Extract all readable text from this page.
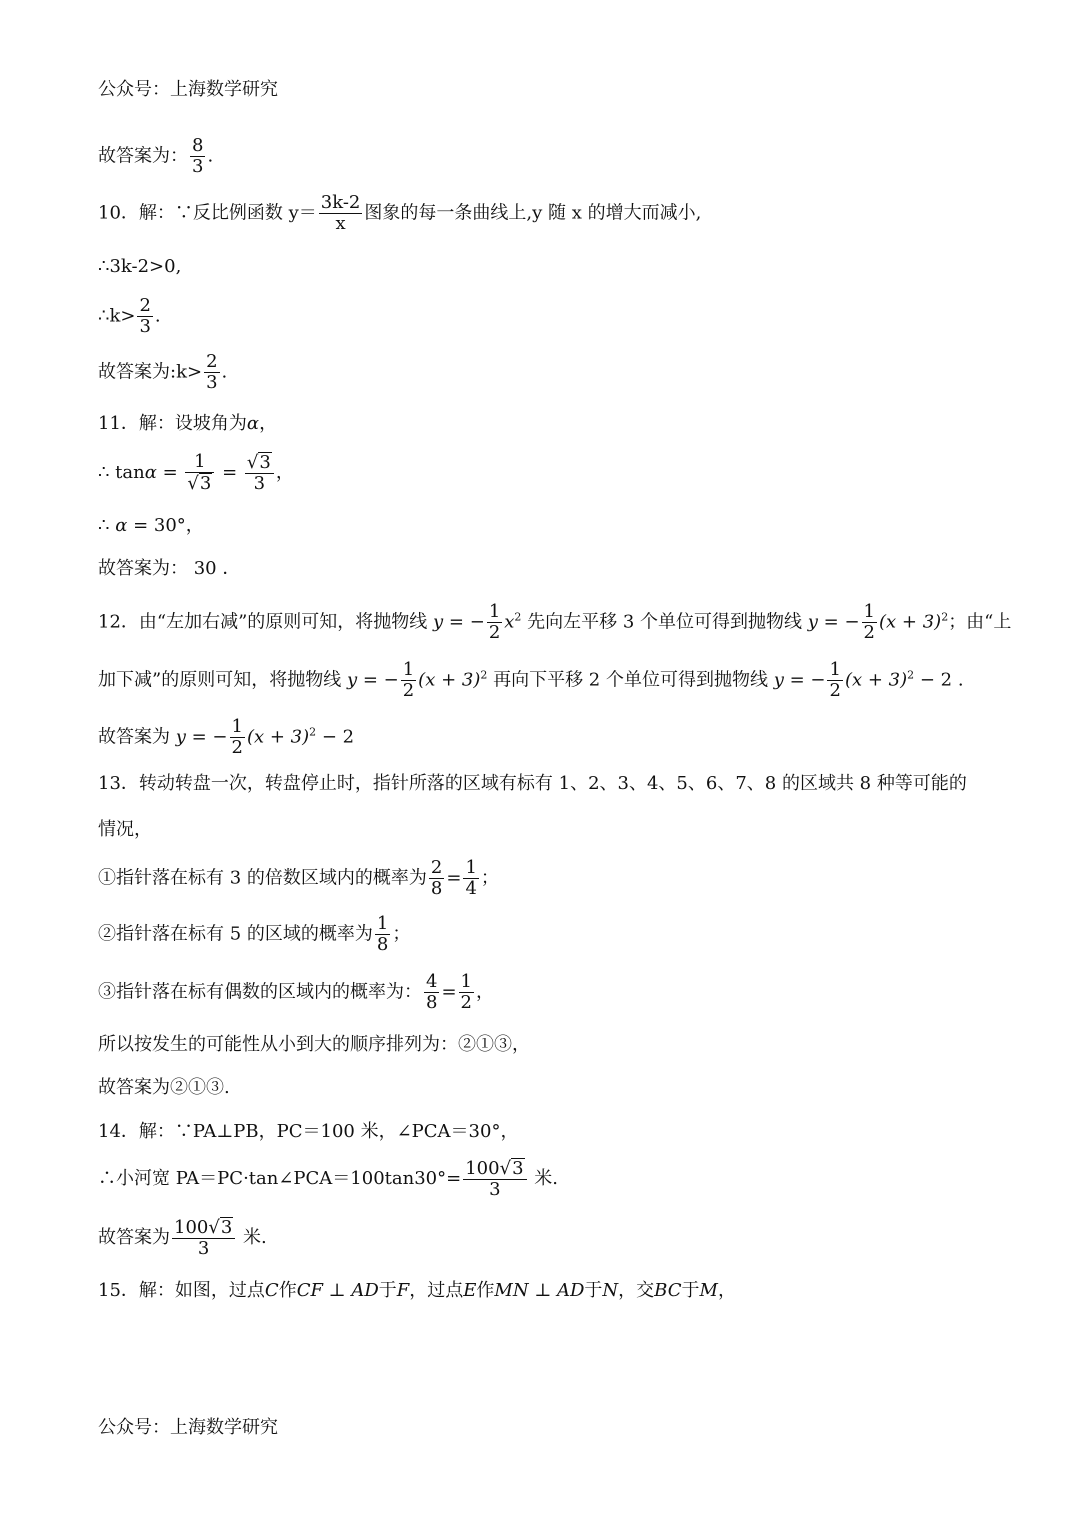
公众号：上海数学研究
故答案为： $\frac{8}{3}$ .
10．解：∵反比例函数 $y= \frac{3k-2}{x}$ 图象的每一条曲线上,y 随 x 的增大而减小,
∴3k-2>0,
∴k> $\frac{2}{3}$ .
故答案为:k> $\frac{2}{3}$ .
11．解：设坡角为α，
∴ $\tan\alpha = \frac{1}{√3} = \frac{√3}{3}$ ，
∴ α = 30°，
故答案为： 30 ．
12．由“左加右减”的原则可知，将抛物线 y = − $\frac{1}{2} x^2$ 先向左平移 3 个单位可得到抛物线 y = − $\frac{1}{2} (x + 3)^2$；由“上
加下减”的原则可知，将抛物线 y = − $\frac{1}{2} (x + 3)^2$ 再向下平移 2 个单位可得到抛物线 y = − $\frac{1}{2} (x + 3)^2 - 2$ .
故答案为 y = − $\frac{1}{2} (x + 3)^2 - 2$
13．转动转盘一次，转盘停止时，指针所落的区域有标有 1、2、3、4、5、6、7、8 的区域共 8 种等可能的
情况，
①指针落在标有 3 的倍数区域内的概率为 $\frac{2}{8} = \frac{1}{4}$ ；
②指针落在标有 5 的区域的概率为 $\frac{1}{8}$ ；
③指针落在标有偶数的区域内的概率为： $\frac{4}{8} = \frac{1}{2}$ ，
所以按发生的可能性从小到大的顺序排列为：②①③，
故答案为②①③.
14．解：∵PA⊥PB，PC＝100 米，∠PCA＝30°，
∴小河宽 PA＝PC·tan∠PCA＝100tan30°= $\frac{100√3}{3}$ 米.
故答案为 $\frac{100√3}{3}$ 米.
15．解：如图，过点C作CF ⊥ AD于F，过点E作MN ⊥ AD于N，交BC于M，
公众号：上海数学研究
